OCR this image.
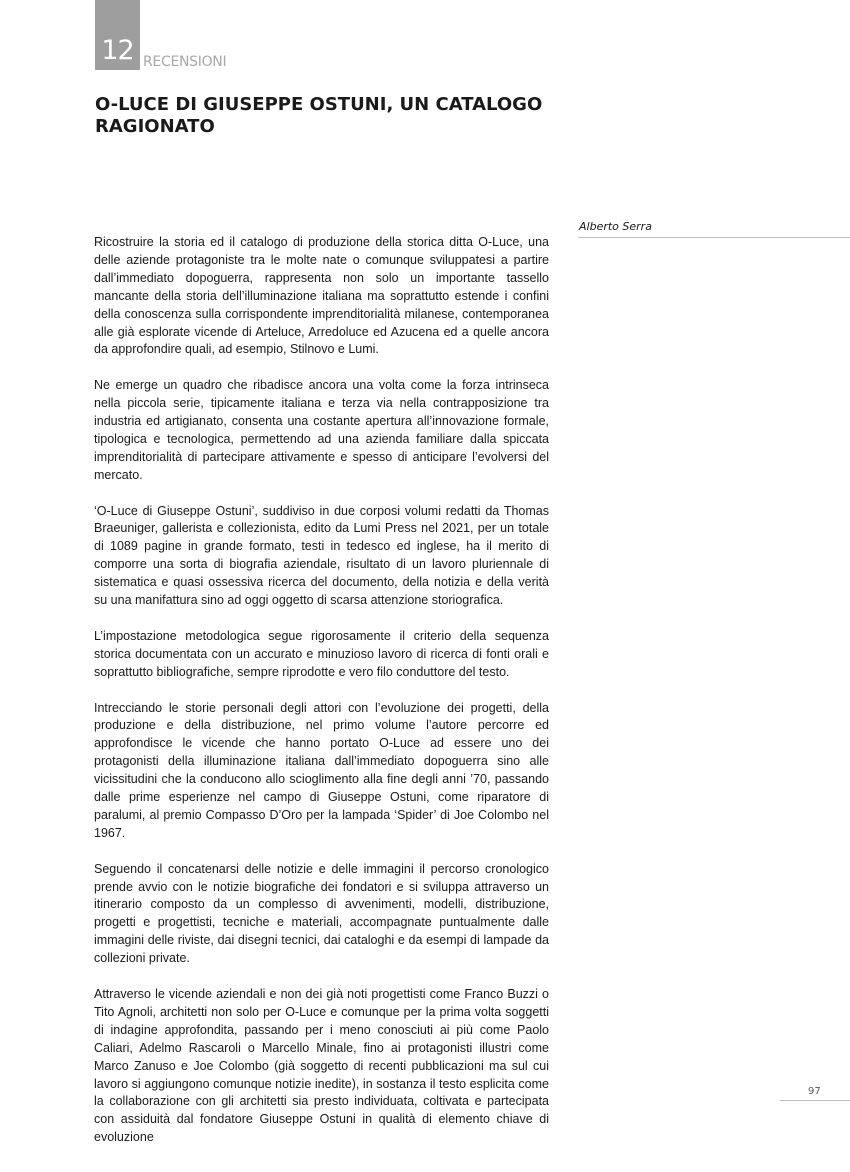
12 RECENSIONI
O-LUCE DI GIUSEPPE OSTUNI, UN CATALOGO RAGIONATO
Alberto Serra

Ricostruire la storia ed il catalogo di produzione della storica ditta O-Luce, una delle aziende protagoniste tra le molte nate o comunque sviluppatesi a partire dall’immediato dopoguerra, rappresenta non solo un importante tassello mancante della storia dell’illuminazione italiana ma soprattutto estende i confini della conoscenza sulla corrispondente imprenditorialità milanese, contemporanea alle già esplorate vicende di Arteluce, Arredoluce ed Azucena ed a quelle ancora da approfondire quali, ad esempio, Stilnovo e Lumi.

Ne emerge un quadro che ribadisce ancora una volta come la forza intrinseca nella piccola serie, tipicamente italiana e terza via nella contrapposizione tra industria ed artigianato, consenta una costante apertura all’innovazione formale, tipologica e tecnologica, permettendo ad una azienda familiare dalla spiccata imprenditorialità di partecipare attivamente e spesso di anticipare l’evolversi del mercato.

‘O-Luce di Giuseppe Ostuni’, suddiviso in due corposi volumi redatti da Thomas Braeuniger, gallerista e collezionista, edito da Lumi Press nel 2021, per un totale di 1089 pagine in grande formato, testi in tedesco ed inglese, ha il merito di comporre una sorta di biografia aziendale, risultato di un lavoro pluriennale di sistematica e quasi ossessiva ricerca del documento, della notizia e della verità su una manifattura sino ad oggi oggetto di scarsa attenzione storiografica.

L’impostazione metodologica segue rigorosamente il criterio della sequenza storica documentata con un accurato e minuzioso lavoro di ricerca di fonti orali e soprattutto bibliografiche, sempre riprodotte e vero filo conduttore del testo.

Intrecciando le storie personali degli attori con l’evoluzione dei progetti, della produzione e della distribuzione, nel primo volume l’autore percorre ed approfondisce le vicende che hanno portato O-Luce ad essere uno dei protagonisti della illuminazione italiana dall’immediato dopoguerra sino alle vicissitudini che la conducono allo scioglimento alla fine degli anni ’70, passando dalle prime esperienze nel campo di Giuseppe Ostuni, come riparatore di paralumi, al premio Compasso D’Oro per la lampada ‘Spider’ di Joe Colombo nel 1967.

Seguendo il concatenarsi delle notizie e delle immagini il percorso cronologico prende avvio con le notizie biografiche dei fondatori e si sviluppa attraverso un itinerario composto da un complesso di avvenimenti, modelli, distribuzione, progetti e progettisti, tecniche e materiali, accompagnate puntualmente dalle immagini delle riviste, dai disegni tecnici, dai cataloghi e da esempi di lampade da collezioni private.

Attraverso le vicende aziendali e non dei già noti progettisti come Franco Buzzi o Tito Agnoli, architetti non solo per O-Luce e comunque per la prima volta soggetti di indagine approfondita, passando per i meno conosciuti ai più come Paolo Caliari, Adelmo Rascaroli o Marcello Minale, fino ai protagonisti illustri come Marco Zanuso e Joe Colombo (già soggetto di recenti pubblicazioni ma sul cui lavoro si aggiungono comunque notizie inedite), in sostanza il testo esplicita come la collaborazione con gli architetti sia presto individuata, coltivata e partecipata con assiduità dal fondatore Giuseppe Ostuni in qualità di elemento chiave di evoluzione

97
